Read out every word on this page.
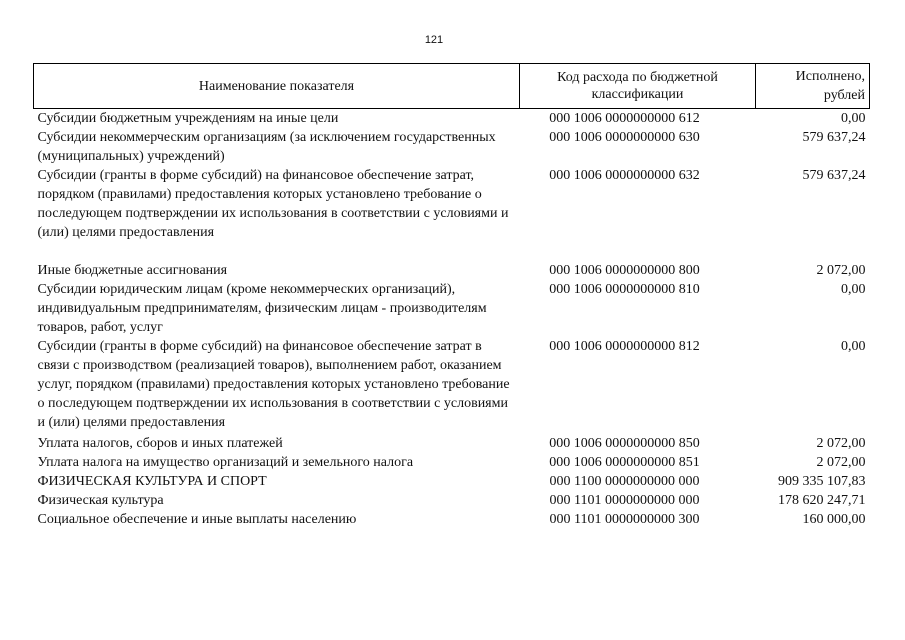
121
Наименование показателя	Код расхода по бюджетной классификации	Исполнено, рублей
Субсидии бюджетным учреждениям на иные цели	000 1006 0000000000 612	0,00
Субсидии некоммерческим организациям (за исключением государственных (муниципальных) учреждений)	000 1006 0000000000 630	579 637,24
Субсидии (гранты в форме субсидий) на финансовое обеспечение затрат, порядком (правилами) предоставления которых установлено требование о последующем подтверждении их использования в соответствии с условиями и (или) целями предоставления	000 1006 0000000000 632	579 637,24
Иные бюджетные ассигнования	000 1006 0000000000 800	2 072,00
Субсидии юридическим лицам (кроме некоммерческих организаций), индивидуальным предпринимателям, физическим лицам - производителям товаров, работ, услуг	000 1006 0000000000 810	0,00
Субсидии (гранты в форме субсидий) на финансовое обеспечение затрат в связи с производством (реализацией товаров), выполнением работ, оказанием услуг, порядком (правилами) предоставления которых установлено требование о последующем подтверждении их использования в соответствии с условиями и (или) целями предоставления	000 1006 0000000000 812	0,00
Уплата налогов, сборов и иных платежей	000 1006 0000000000 850	2 072,00
Уплата налога на имущество организаций и земельного налога	000 1006 0000000000 851	2 072,00
ФИЗИЧЕСКАЯ КУЛЬТУРА И СПОРТ	000 1100 0000000000 000	909 335 107,83
Физическая культура	000 1101 0000000000 000	178 620 247,71
Социальное обеспечение и иные выплаты населению	000 1101 0000000000 300	160 000,00
